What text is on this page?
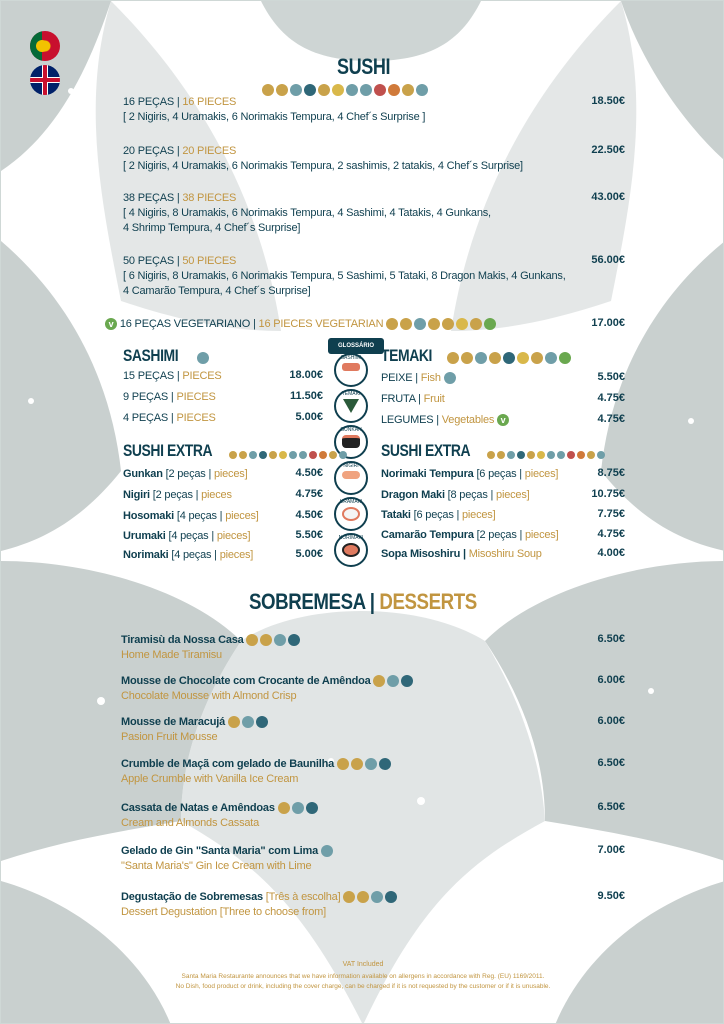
SUSHI
16 PEÇAS | 16 PIECES
[ 2 Nigiris, 4 Uramakis, 6 Norimakis Tempura, 4 Chef´s Surprise ]
18.50€
20 PEÇAS | 20 PIECES
[ 2 Nigiris, 4 Uramakis, 6 Norimakis Tempura, 2 sashimis, 2 tatakis, 4 Chef´s Surprise]
22.50€
38 PEÇAS | 38 PIECES
[ 4 Nigiris, 8 Uramakis, 6 Norimakis Tempura, 4 Sashimi, 4 Tatakis, 4 Gunkans,
4 Shrimp Tempura, 4 Chef´s Surprise]
43.00€
50 PEÇAS | 50 PIECES
[ 6 Nigiris, 8 Uramakis, 6 Norimakis Tempura, 5 Sashimi, 5 Tataki, 8 Dragon Makis, 4 Gunkans,
4 Camarão Tempura, 4 Chef´s Surprise]
56.00€
v 16 PEÇAS VEGETARIANO | 16 PIECES VEGETARIAN	17.00€
GLOSSÁRIO
SASHIMI
TEMAKI
GUNKAN
NIGIRI
URAMAKI
NORIMAKI
SASHIMI
15 PEÇAS | PIECES	18.00€
9 PEÇAS | PIECES	11.50€
4 PEÇAS | PIECES	5.00€
TEMAKI
PEIXE | Fish	5.50€
FRUTA | Fruit	4.75€
LEGUMES | Vegetables v	4.75€
SUSHI EXTRA
Gunkan [2 peças | pieces]	4.50€
Nigiri [2 peças | pieces	4.75€
Hosomaki [4 peças | pieces]	4.50€
Urumaki [4 peças | pieces]	5.50€
Norimaki [4 peças | pieces]	5.00€
SUSHI EXTRA
Norimaki Tempura [6 peças | pieces]	8.75€
Dragon Maki [8 peças | pieces]	10.75€
Tataki [6 peças | pieces]	7.75€
Camarão Tempura [2 peças | pieces]	4.75€
Sopa Misoshiru | Misoshiru Soup	4.00€
SOBREMESA | DESSERTS
Tiramisù da Nossa Casa
Home Made Tiramisu
6.50€
Mousse de Chocolate com Crocante de Amêndoa
Chocolate Mousse with Almond Crisp
6.00€
Mousse de Maracujá
Pasion Fruit Mousse
6.00€
Crumble de Maçã com gelado de Baunilha
Apple Crumble with Vanilla Ice Cream
6.50€
Cassata de Natas e Amêndoas
Cream and Almonds Cassata
6.50€
Gelado de Gin "Santa Maria" com Lima
"Santa Maria's" Gin Ice Cream with Lime
7.00€
Degustação de Sobremesas [Três à escolha]
Dessert Degustation [Three to choose from]
9.50€
VAT Included
Santa Maria Restaurante announces that we have information available on allergens in accordance with Reg. (EU) 1169/2011.
No Dish, food product or drink, including the cover charge, can be charged if it is not requested by the customer or if it is unusable.
